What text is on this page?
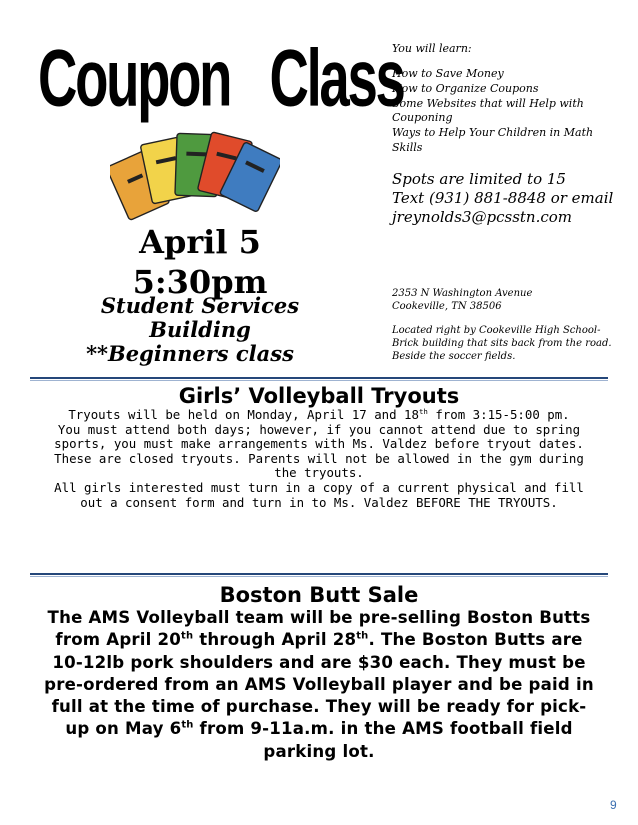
Coupon Class
April 5
5:30pm
Student Services
Building
**Beginners class
You will learn:
How to Save Money
How to Organize Coupons
Some Websites that will Help with Couponing
Ways to Help Your Children in Math Skills
Spots are limited to 15
Text (931) 881-8848 or email
jreynolds3@pcsstn.com
2353 N Washington Avenue
Cookeville, TN 38506
Located right by Cookeville High School-Brick building that sits back from the road. Beside the soccer fields.
Girls’ Volleyball Tryouts

Tryouts will be held on Monday, April 17 and 18th from 3:15-5:00 pm.

You must attend both days; however, if you cannot attend due to spring sports, you must make arrangements with Ms. Valdez before tryout dates. These are closed tryouts. Parents will not be allowed in the gym during the tryouts.

All girls interested must turn in a copy of a current physical and fill out a consent form and turn in to Ms. Valdez BEFORE THE TRYOUTS.

Boston Butt Sale
The AMS Volleyball team will be pre-selling Boston Butts from April 20th through April 28th. The Boston Butts are 10-12lb pork shoulders and are $30 each. They must be pre-ordered from an AMS Volleyball player and be paid in full at the time of purchase. They will be ready for pick-up on May 6th from 9-11a.m. in the AMS football field parking lot.
9
